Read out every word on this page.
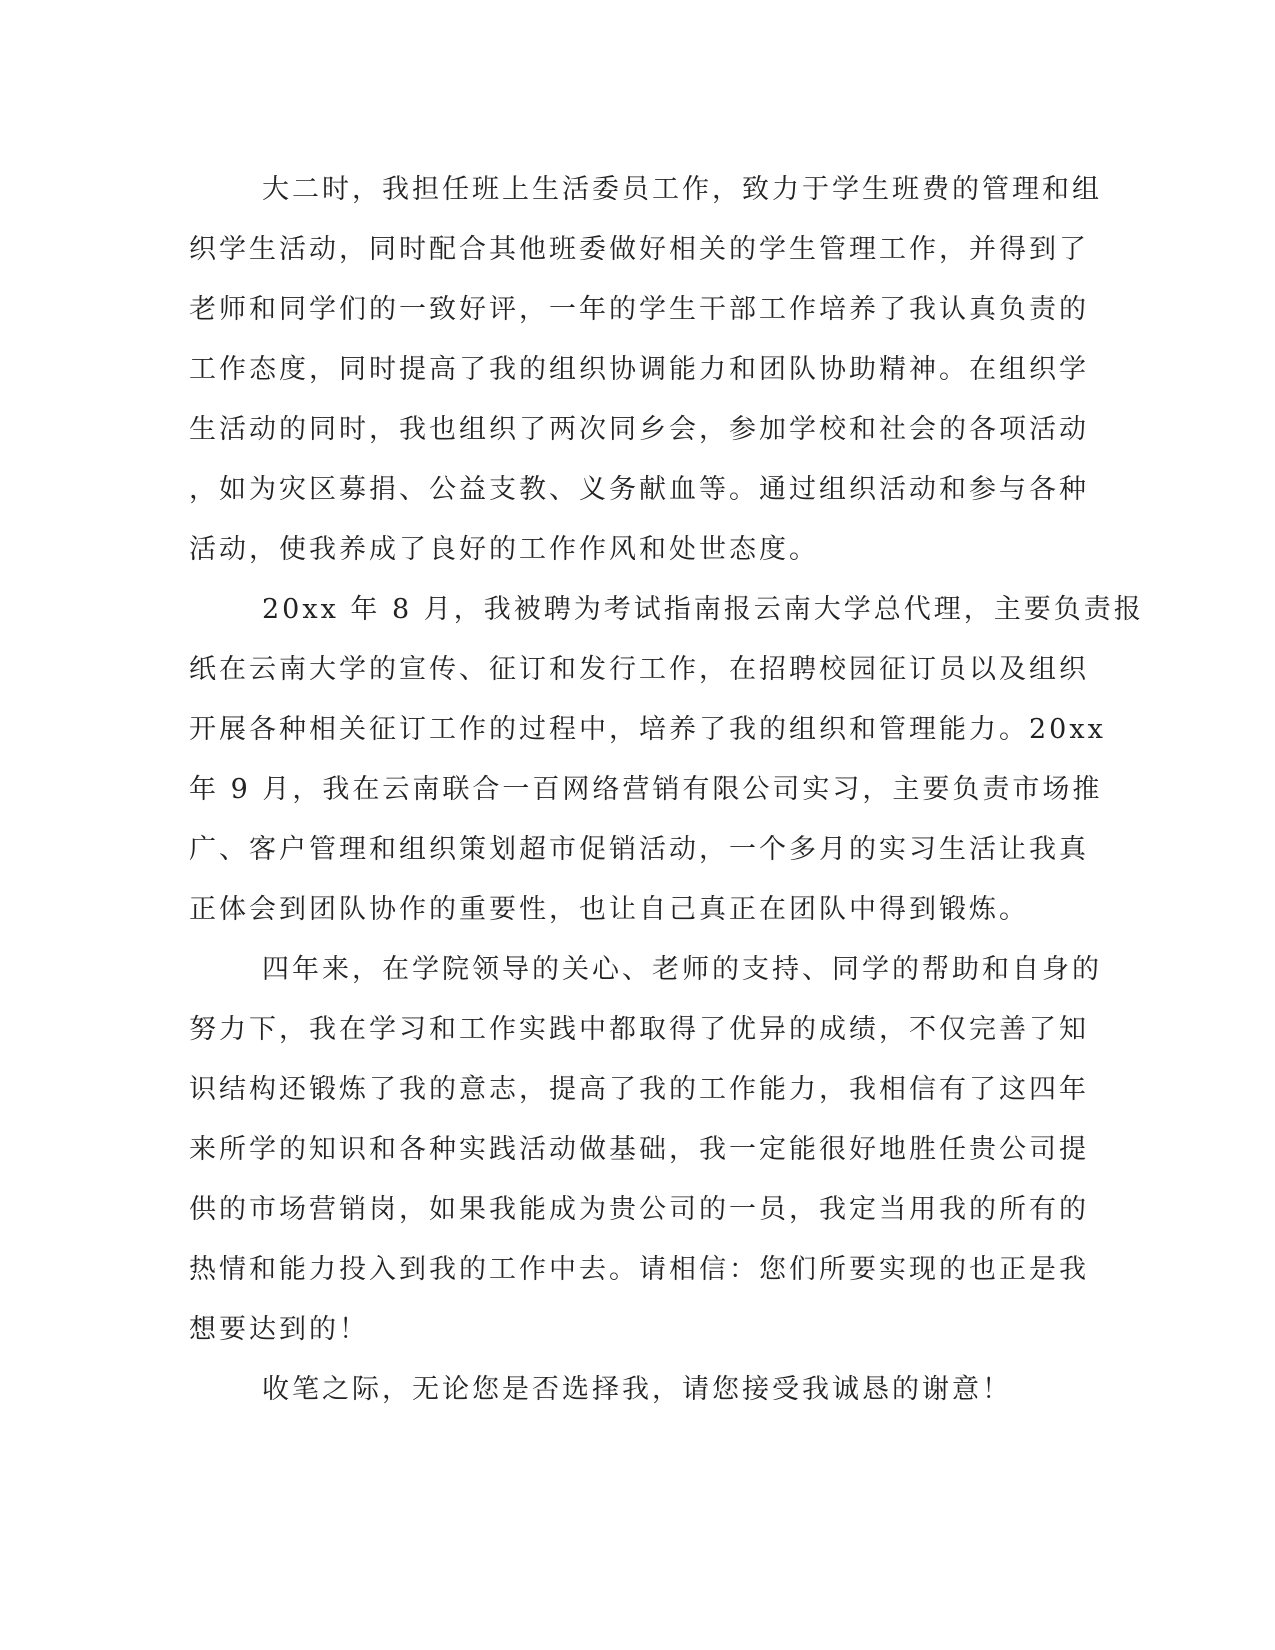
大二时，我担任班上生活委员工作，致力于学生班费的管理和组
织学生活动，同时配合其他班委做好相关的学生管理工作，并得到了
老师和同学们的一致好评，一年的学生干部工作培养了我认真负责的
工作态度，同时提高了我的组织协调能力和团队协助精神。在组织学
生活动的同时，我也组织了两次同乡会，参加学校和社会的各项活动
，如为灾区募捐、公益支教、义务献血等。通过组织活动和参与各种
活动，使我养成了良好的工作作风和处世态度。

20xx 年 8 月，我被聘为考试指南报云南大学总代理，主要负责报
纸在云南大学的宣传、征订和发行工作，在招聘校园征订员以及组织
开展各种相关征订工作的过程中，培养了我的组织和管理能力。20xx
年 9 月，我在云南联合一百网络营销有限公司实习，主要负责市场推
广、客户管理和组织策划超市促销活动，一个多月的实习生活让我真
正体会到团队协作的重要性，也让自己真正在团队中得到锻炼。

四年来，在学院领导的关心、老师的支持、同学的帮助和自身的
努力下，我在学习和工作实践中都取得了优异的成绩，不仅完善了知
识结构还锻炼了我的意志，提高了我的工作能力，我相信有了这四年
来所学的知识和各种实践活动做基础，我一定能很好地胜任贵公司提
供的市场营销岗，如果我能成为贵公司的一员，我定当用我的所有的
热情和能力投入到我的工作中去。请相信：您们所要实现的也正是我
想要达到的！

收笔之际，无论您是否选择我，请您接受我诚恳的谢意！
